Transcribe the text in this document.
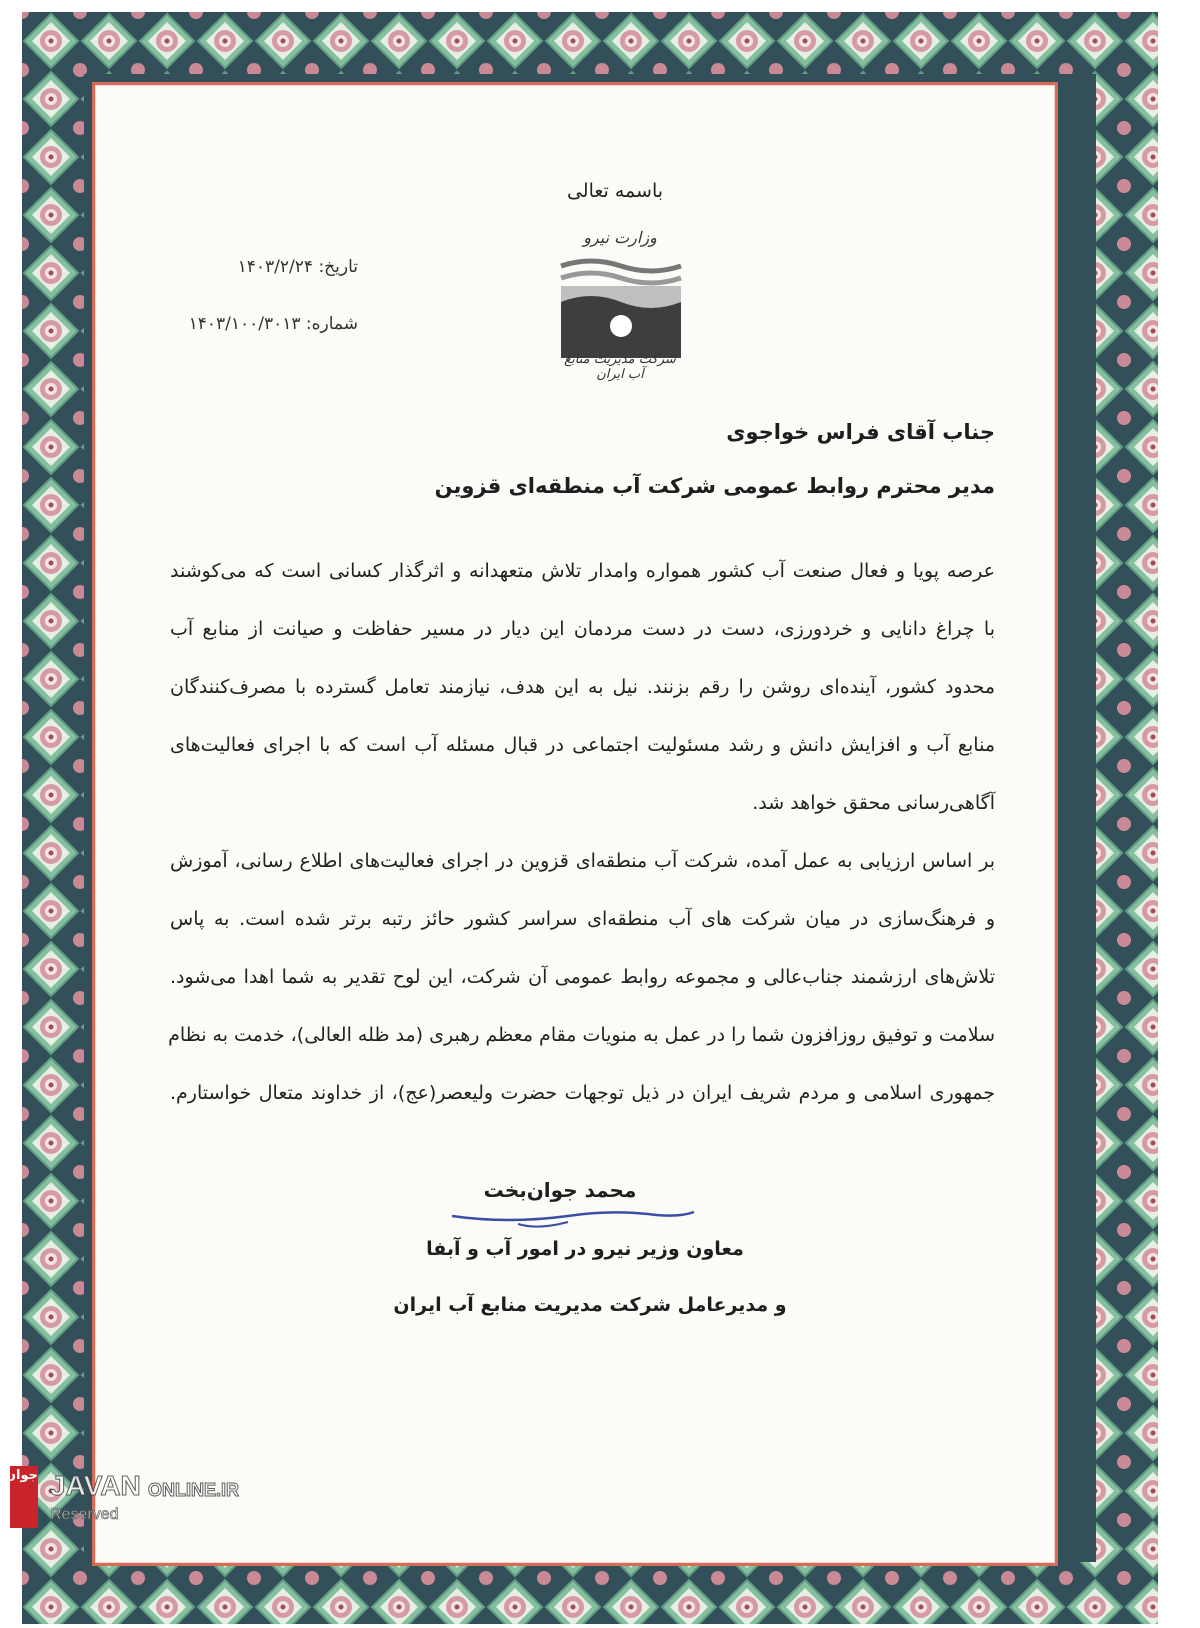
باسمه تعالی
وزارت نیرو
شرکت مدیریت منابع آب ایران
تاریخ: ۱۴۰۳/۲/۲۴
شماره: ۱۴۰۳/۱۰۰/۳۰۱۳
جناب آقای فراس خواجوی
مدیر محترم روابط عمومی شرکت آب منطقه‌ای قزوین
عرصه پویا و فعال صنعت آب کشور همواره وامدار تلاش متعهدانه و اثرگذار کسانی است که می‌کوشند
با چراغ دانایی و خردورزی، دست در دست مردمان این دیار در مسیر حفاظت و صیانت از منابع آب
محدود کشور، آینده‌ای روشن را رقم بزنند. نیل به این هدف، نیازمند تعامل گسترده با مصرف‌کنندگان
منابع آب و افزایش دانش و رشد مسئولیت اجتماعی در قبال مسئله آب است که با اجرای فعالیت‌های
آگاهی‌رسانی محقق خواهد شد.
بر اساس ارزیابی به عمل آمده، شرکت آب منطقه‌ای قزوین در اجرای فعالیت‌های اطلاع رسانی، آموزش
و فرهنگ‌سازی در میان شرکت های آب منطقه‌ای سراسر کشور حائز رتبه برتر شده است. به پاس
تلاش‌های ارزشمند جناب‌عالی و مجموعه روابط عمومی آن شرکت، این لوح تقدیر به شما اهدا می‌شود.
سلامت و توفیق روزافزون شما را در عمل به منویات مقام معظم رهبری (مد ظله العالی)، خدمت به نظام
جمهوری اسلامی و مردم شریف ایران در ذیل توجهات حضرت ولیعصر(عج)، از خداوند متعال خواستارم.
محمد جوان‌بخت
معاون وزیر نیرو در امور آب و آبفا
و مدیرعامل شرکت مدیریت منابع آب ایران
جوان JAVAN ONLINE.IR
Reserved
